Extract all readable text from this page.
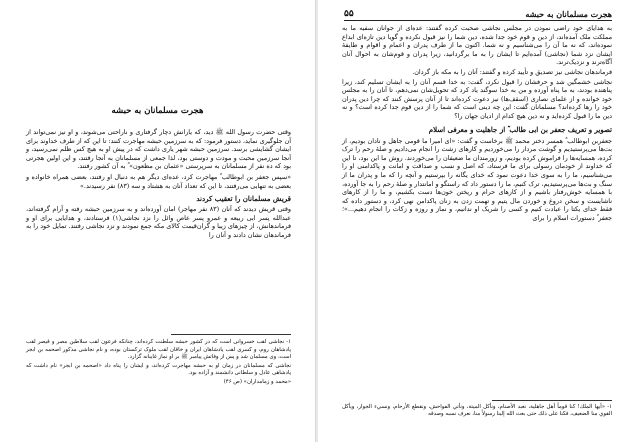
هجرت مسلمانان به حبشه

وقتی حضرت رسول الله ﷺ دید، که یارانش دچار گرفتاری و ناراحتی می‌شوند، و او نیز نمی‌تواند از آن جلوگیری نماید، دستور فرمود: که به سرزمین حبشه مهاجرت کنند: تا این که از طرف خداوند برای ایشان گشایشی برسد. سرزمین حبشه شهر یاری داشت که در پیش او به هیچ کس ظلم نمی‌رسید، و آنجا سرزمین محبت و مودت و دوستی بود، لذا جمعی از مسلمانان به آنجا رفتند، و این اولین هجرتی بود که ده نفر از مسلمانان به سرپرستی «عثمان بن مظعون» ؓ به آن کشور رفتند.

«سپس جعفر بن ابوطالب ؓ مهاجرت کرد، عده‌ای دیگر هم به دنبال او رفتند، بعضی همراه خانواده و بعضی به تنهایی می‌رفتند، تا این که تعداد آنان به هشتاد و سه (۸۳) نفر رسیدند.»

قریش مسلمانان را تعقیب کردند

وقتی قریش دیدند که آنان (۸۳ نفر مهاجر) امان آورده‌اند و به سرزمین حبشه رفته و آرام گرفته‌اند، عبدالله پسر ابی ربیعه و عمرو پسر عاص وائل را نزد نجاشی(١) فرستادند، و هدایایی برای او و فرماندهانش، از چیزهای زیبا و گران‌قیمت کالای مکه جمع نمودند و نزد نجاشی رفتند. تمایل خود را به فرماندهان نشان دادند و آنان را

١- نجاشی لقب خسروانی است که در کشور حبشه سلطنت کرده‌اند، چنانکه فرعون لقب سلاطین مصر و قیصر لقب پادشاهان روم، و کسری لقب پادشاهان ایران و خاقان لقب ملوک ترکستان بوده، و نام نجاشی مذکور اصحمه بن ابجر است، وی مسلمان شد و پس از وفاتش پیامبر ﷺ بر او نماز غایبانه گزارد.

نجاشی که مسلمانان در زمان او به حبشه مهاجرت کرده‌اند، و ایشان را پناه داد «اصحمه بن ابجر» نام داشت که پادشاهی عادل و سلطانی دانشمند و آزاده بود.

«محمد و زمامداران» (ص ۴۶)

۵۵	هجرت مسلمانان به حبشه

به هدایای خود راضی نمودن در مجلس نجاشی صحبت کرده گفتند: عده‌ای از جوانان سفیه ما به مملکت ملک آمده‌اند، از دین و قوم خود جدا شده، دین شما را نیز قبول نکرده و گویا دین تازه‌ای ابداع نموده‌اند، که نه ما آن را می‌شناسیم و نه شما. اکنون ما از طرف پدران و اعمام و اقوام و طایفهٔ ایشان نزد شما (نجاشی) آمده‌ایم تا ایشان را به ما برگردانید، زیرا پدران و قوم‌شان به احوال آنان آگاه‌ترند و نزدیک‌ترند.

فرماندهان نجاشی نیز تصدیق و تأیید کرده و گفتند: آنان را به مکه باز گردان.

نجاشی خشمگین شد و حرفشان را قبول نکرد، گفت: به خدا قسم آنان را به ایشان تسلیم کند، زیرا پناهنده بودند، به ما پناه آورده و من به خدا سوگند یاد کرد که تحویل‌شان نمی‌دهم، تا آنان را به مجلس خود خوانده و از علمای نصاری (اسقف‌ها) نیز دعوت کرده‌اند تا از آنان پرسش کنند که چرا دین پدران خود را رها کرده‌اند؟ مسلمانان گفت: این چه دینی است که شما را از دین قوم جدا کرده است؟ و نه دین ما را قبول کرده‌اید و نه دین هیچ کدام از ادیان جهان را؟

تصویر و تعریف جعفر بن ابی طالب ؓ از جاهلیت و معرفی اسلام

جعفربن ابوطالب ؓ همسر دختر محمد ﷺ برخاست و گفت: «ای امیرا ما قومی جاهل و نادان بودیم، از بت‌ها می‌پرستیدیم و گوشت مردار را می‌خوردیم و کارهای زشت را انجام می‌دادیم و صلهٔ رحم را ترک کرده، همسایه‌ها را فراموش کرده بودیم، و زورمندان ما ضعیفان را می‌خوردند. روش ما این بود، تا این که خداوند از خودمان رسولی برای ما فرستاد، که اصل و نسب و صداقت و امانت و پاکدامنی او را می‌شناسیم، ما را به سوی خدا دعوت نمود که خدای یگانه را بپرستیم و آنچه را که ما و پدران ما از سنگ و بت‌ها می‌پرستیدیم، ترک کنیم، ما را دستور داد که راستگو و امانتدار و صلهٔ رحم را به جا آورده، با همسایه خوش‌رفتار باشیم و از کارهای حرام و ریختن خون‌ها دست بکشیم، و ما را از کارهای ناشایست و سخن دروغ و خوردن مال یتیم و تهمت زدن به زنان پاکدامن نهی کرد، و دستور داده که فقط خدای یکتا را عبادت کنیم و کسی را شریک او ندانیم، و نماز و روزه و زکات را انجام دهیم...»؛ جعفر ؓ دستورات اسلام را برای

١- «أيها الملك! كنا قوماً أهل جاهلية، نعبد الأصنام، ونأكل الميتة، ونأتي الفواحش، ونقطع الأرحام، ونسيء الجوار، ويأكل القوي منا الضعيف، فكنا على ذلك حتى بعث الله إلينا رسولاً منا، نعرف نسبه وصدقه
